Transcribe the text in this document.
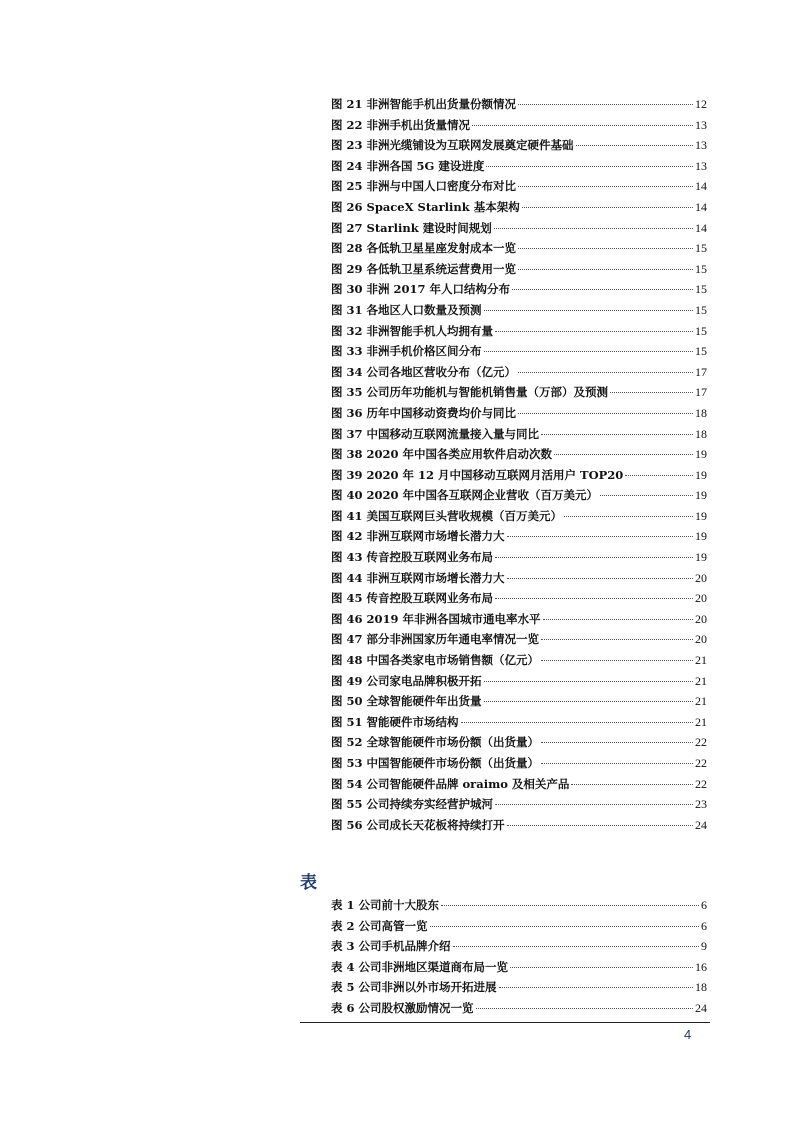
图 21 非洲智能手机出货量份额情况	12
图 22 非洲手机出货量情况	13
图 23 非洲光缆铺设为互联网发展奠定硬件基础	13
图 24 非洲各国 5G 建设进度	13
图 25 非洲与中国人口密度分布对比	14
图 26 SpaceX Starlink 基本架构	14
图 27 Starlink 建设时间规划	14
图 28 各低轨卫星星座发射成本一览	15
图 29 各低轨卫星系统运营费用一览	15
图 30 非洲 2017 年人口结构分布	15
图 31 各地区人口数量及预测	15
图 32 非洲智能手机人均拥有量	15
图 33 非洲手机价格区间分布	15
图 34 公司各地区营收分布（亿元）	17
图 35 公司历年功能机与智能机销售量（万部）及预测	17
图 36 历年中国移动资费均价与同比	18
图 37 中国移动互联网流量接入量与同比	18
图 38 2020 年中国各类应用软件启动次数	19
图 39 2020 年 12 月中国移动互联网月活用户 TOP20	19
图 40 2020 年中国各互联网企业营收（百万美元）	19
图 41 美国互联网巨头营收规模（百万美元）	19
图 42 非洲互联网市场增长潜力大	19
图 43 传音控股互联网业务布局	19
图 44 非洲互联网市场增长潜力大	20
图 45 传音控股互联网业务布局	20
图 46 2019 年非洲各国城市通电率水平	20
图 47 部分非洲国家历年通电率情况一览	20
图 48 中国各类家电市场销售额（亿元）	21
图 49 公司家电品牌积极开拓	21
图 50 全球智能硬件年出货量	21
图 51 智能硬件市场结构	21
图 52 全球智能硬件市场份额（出货量）	22
图 53 中国智能硬件市场份额（出货量）	22
图 54 公司智能硬件品牌 oraimo 及相关产品	22
图 55 公司持续夯实经营护城河	23
图 56 公司成长天花板将持续打开	24
表
表 1 公司前十大股东	6
表 2 公司高管一览	6
表 3 公司手机品牌介绍	9
表 4 公司非洲地区渠道商布局一览	16
表 5 公司非洲以外市场开拓进展	18
表 6 公司股权激励情况一览	24
4
